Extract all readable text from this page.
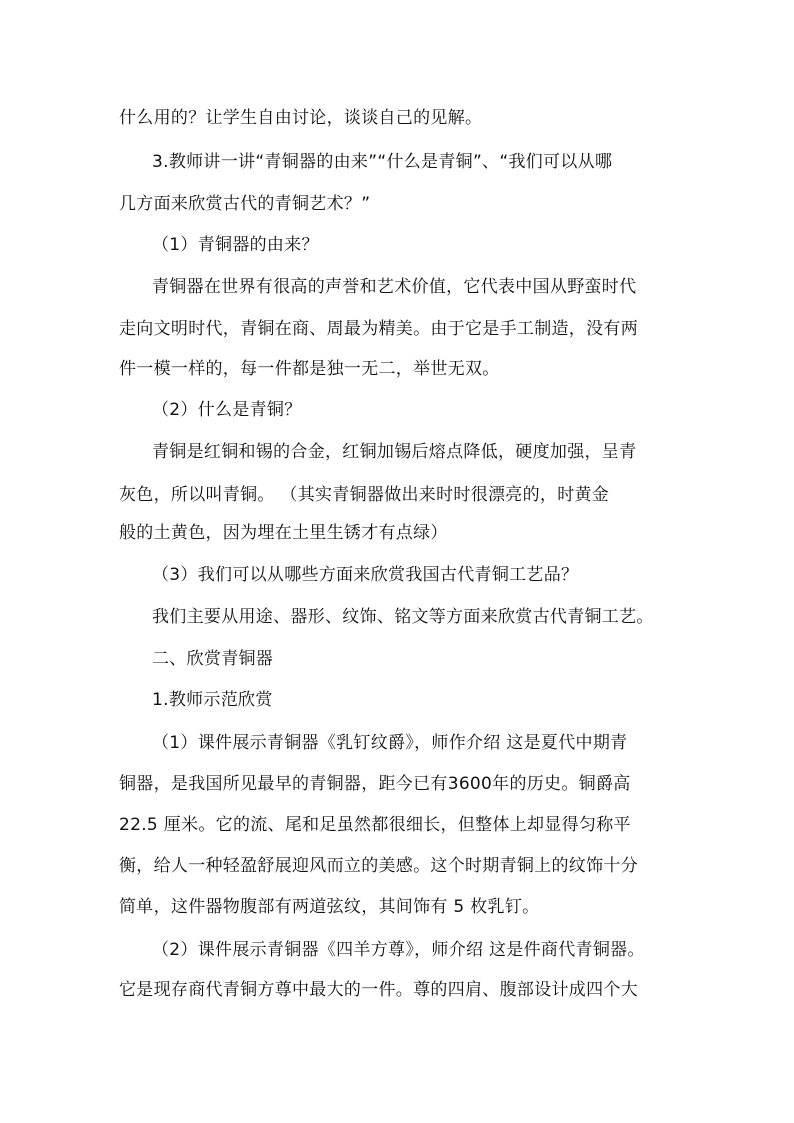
什么用的？让学生自由讨论，谈谈自己的见解。
3.教师讲一讲“青铜器的由来”“什么是青铜”、“我们可以从哪
几方面来欣赏古代的青铜艺术？”
（1）青铜器的由来？
青铜器在世界有很高的声誉和艺术价值，它代表中国从野蛮时代
走向文明时代，青铜在商、周最为精美。由于它是手工制造，没有两
件一模一样的，每一件都是独一无二，举世无双。
（2）什么是青铜？
青铜是红铜和锡的合金，红铜加锡后熔点降低，硬度加强，呈青
灰色，所以叫青铜。 （其实青铜器做出来时时很漂亮的，时黄金
般的土黄色，因为埋在土里生锈才有点绿）
（3）我们可以从哪些方面来欣赏我国古代青铜工艺品？
我们主要从用途、器形、纹饰、铭文等方面来欣赏古代青铜工艺。
二、欣赏青铜器
1.教师示范欣赏
（1）课件展示青铜器《乳钉纹爵》，师作介绍 这是夏代中期青
铜器，是我国所见最早的青铜器，距今已有3600年的历史。铜爵高
22.5 厘米。它的流、尾和足虽然都很细长，但整体上却显得匀称平
衡，给人一种轻盈舒展迎风而立的美感。这个时期青铜上的纹饰十分
简单，这件器物腹部有两道弦纹，其间饰有 5 枚乳钉。
（2）课件展示青铜器《四羊方尊》，师介绍 这是件商代青铜器。
它是现存商代青铜方尊中最大的一件。尊的四肩、腹部设计成四个大
